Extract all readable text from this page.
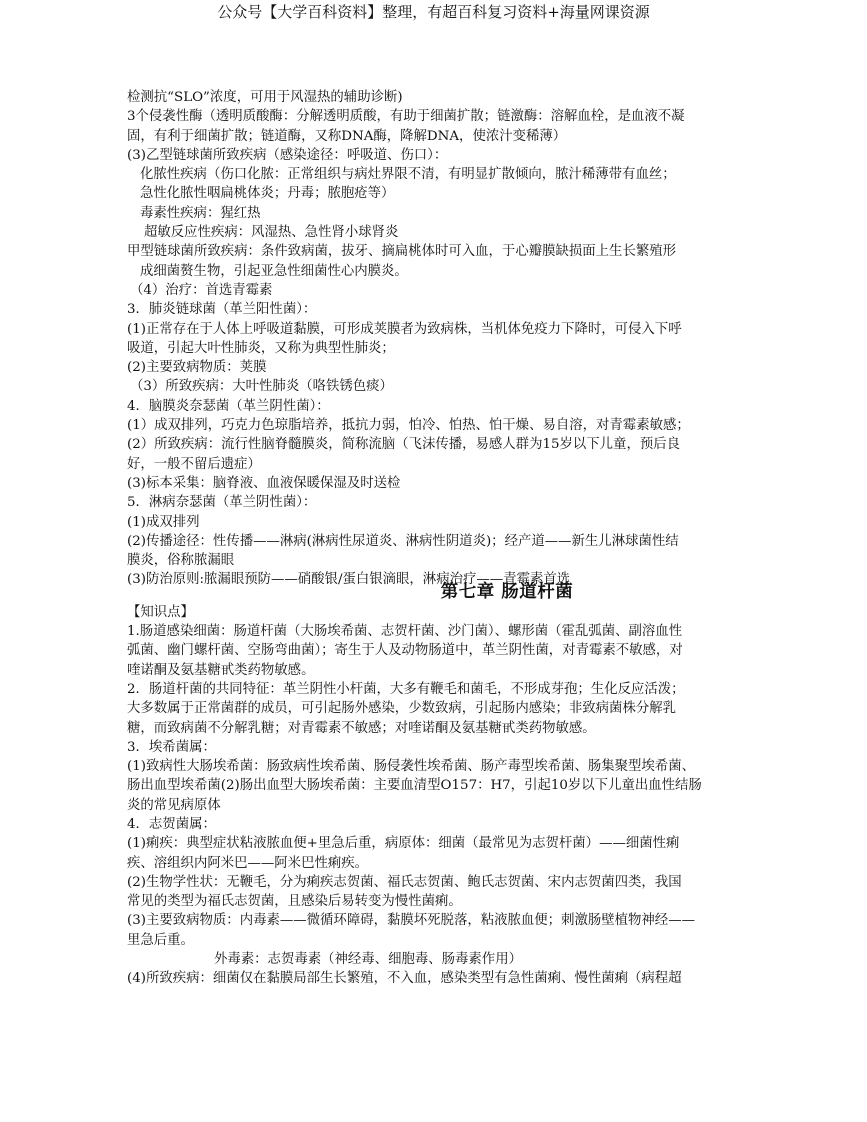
公众号【大学百科资料】整理，有超百科复习资料+海量网课资源
检测抗“SLO”浓度，可用于风湿热的辅助诊断)
3个侵袭性酶（透明质酸酶：分解透明质酸，有助于细菌扩散；链激酶：溶解血栓，是血液不凝
固，有利于细菌扩散；链道酶，又称DNA酶，降解DNA，使浓汁变稀薄）
(3)乙型链球菌所致疾病（感染途径：呼吸道、伤口）：
化脓性疾病（伤口化脓：正常组织与病灶界限不清，有明显扩散倾向，脓汁稀薄带有血丝；
急性化脓性咽扁桃体炎；丹毒；脓胞疮等）
毒素性疾病：猩红热
超敏反应性疾病：风湿热、急性肾小球肾炎
甲型链球菌所致疾病：条件致病菌，拔牙、摘扁桃体时可入血，于心瓣膜缺损面上生长繁殖形
成细菌赘生物，引起亚急性细菌性心内膜炎。
（4）治疗：首选青霉素
3．肺炎链球菌（革兰阳性菌）：
(1)正常存在于人体上呼吸道黏膜，可形成荚膜者为致病株，当机体免疫力下降时，可侵入下呼
吸道，引起大叶性肺炎，又称为典型性肺炎；
(2)主要致病物质：荚膜
（3）所致疾病：大叶性肺炎（咯铁锈色痰）
4．脑膜炎奈瑟菌（革兰阴性菌）：
(1）成双排列，巧克力色琼脂培养，抵抗力弱，怕冷、怕热、怕干燥、易自溶，对青霉素敏感；
(2）所致疾病：流行性脑脊髓膜炎，简称流脑（飞沫传播，易感人群为15岁以下儿童，预后良
好，一般不留后遗症）
(3)标本采集：脑脊液、血液保暖保湿及时送检
5．淋病奈瑟菌（革兰阴性菌）：
(1)成双排列
(2)传播途径：性传播——淋病(淋病性尿道炎、淋病性阴道炎)；经产道——新生儿淋球菌性结
膜炎，俗称脓漏眼
(3)防治原则:脓漏眼预防——硝酸银/蛋白银滴眼，淋病治疗——青霉素首选
第七章 肠道杆菌
【知识点】
1.肠道感染细菌：肠道杆菌（大肠埃希菌、志贺杆菌、沙门菌）、螺形菌（霍乱弧菌、副溶血性
弧菌、幽门螺杆菌、空肠弯曲菌）；寄生于人及动物肠道中，革兰阴性菌，对青霉素不敏感，对
喹诺酮及氨基糖甙类药物敏感。
2．肠道杆菌的共同特征：革兰阴性小杆菌，大多有鞭毛和菌毛，不形成芽孢；生化反应活泼；
大多数属于正常菌群的成员，可引起肠外感染，少数致病，引起肠内感染；非致病菌株分解乳
糖，而致病菌不分解乳糖；对青霉素不敏感；对喹诺酮及氨基糖甙类药物敏感。
3．埃希菌属：
(1)致病性大肠埃希菌：肠致病性埃希菌、肠侵袭性埃希菌、肠产毒型埃希菌、肠集聚型埃希菌、
肠出血型埃希菌(2)肠出血型大肠埃希菌：主要血清型O157：H7，引起10岁以下儿童出血性结肠
炎的常见病原体
4．志贺菌属：
(1)痢疾：典型症状粘液脓血便+里急后重，病原体：细菌（最常见为志贺杆菌）——细菌性痢
疾、溶组织内阿米巴——阿米巴性痢疾。
(2)生物学性状：无鞭毛，分为痢疾志贺菌、福氏志贺菌、鲍氏志贺菌、宋内志贺菌四类，我国
常见的类型为福氏志贺菌，且感染后易转变为慢性菌痢。
(3)主要致病物质：内毒素——微循环障碍，黏膜坏死脱落，粘液脓血便；刺激肠壁植物神经——
里急后重。
外毒素：志贺毒素（神经毒、细胞毒、肠毒素作用）
(4)所致疾病：细菌仅在黏膜局部生长繁殖，不入血，感染类型有急性菌痢、慢性菌痢（病程超
